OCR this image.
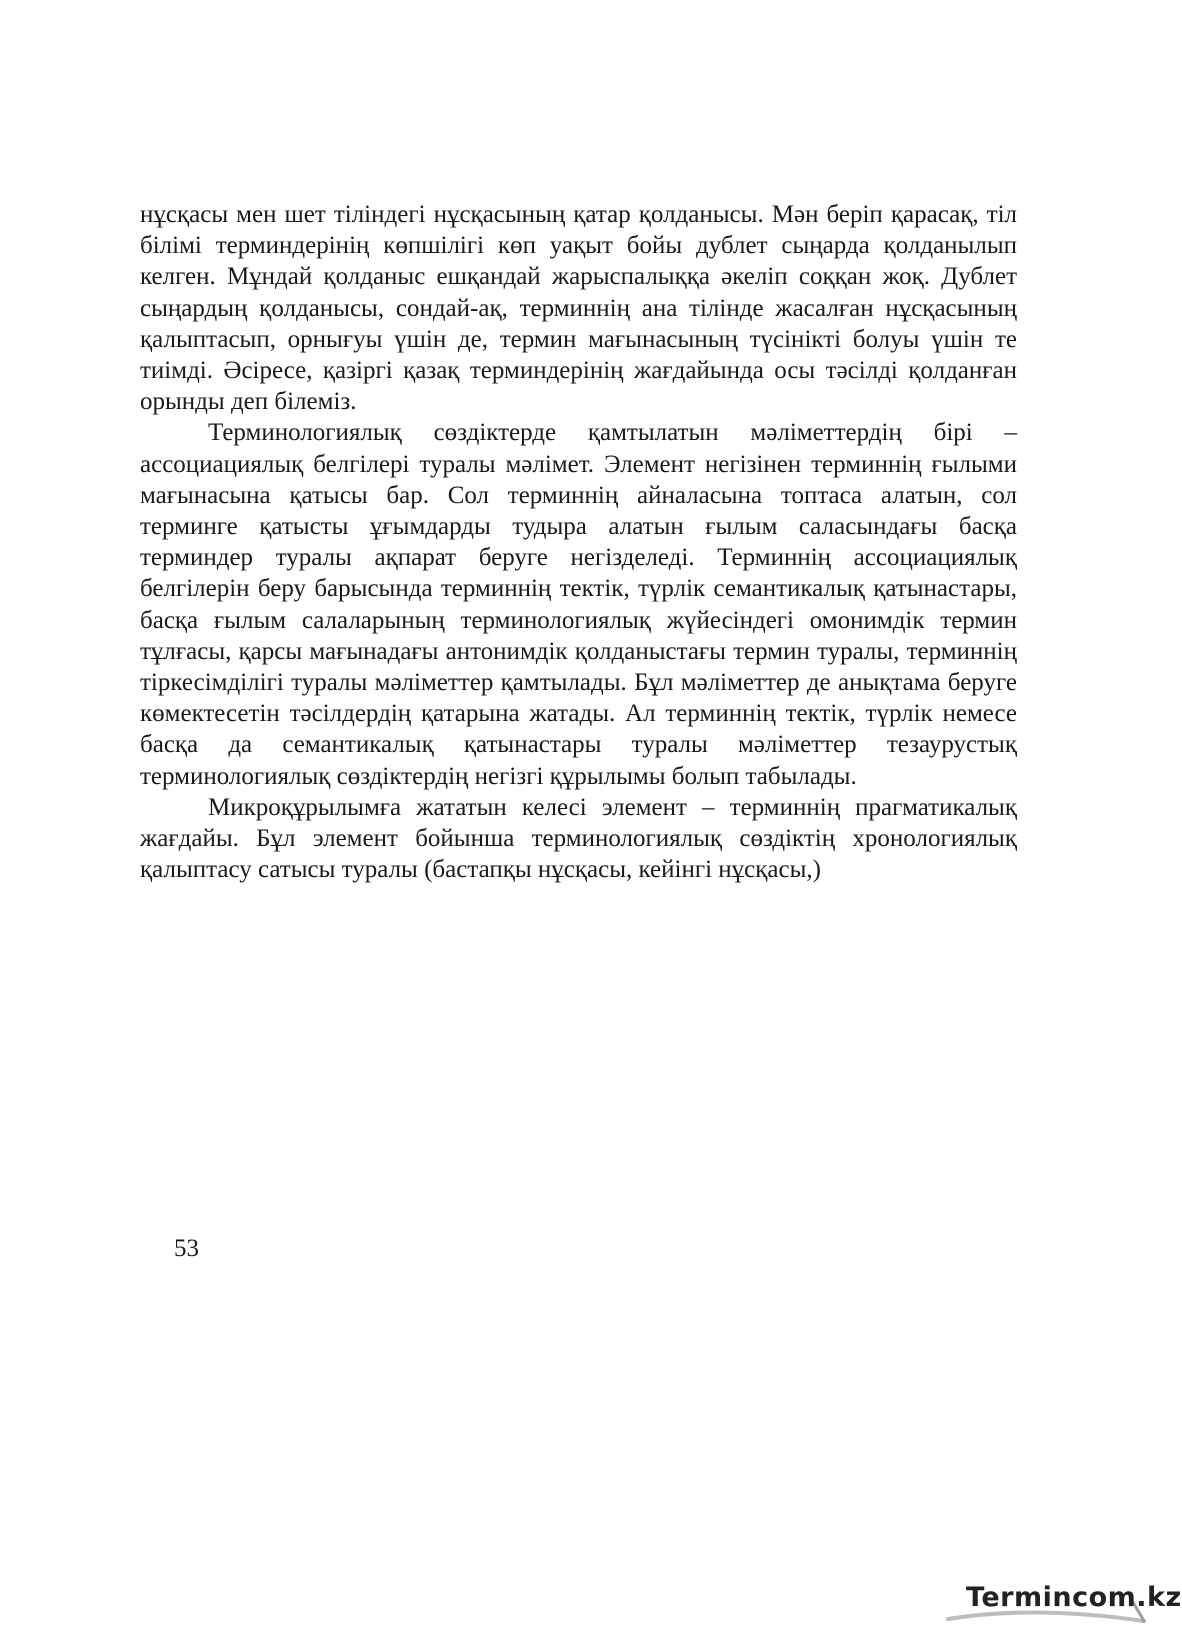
нұсқасы мен шет тіліндегі нұсқасының қатар қолданысы. Мән беріп қарасақ, тіл білімі терминдерінің көпшілігі көп уақыт бойы дублет сыңарда қолданылып келген. Мұндай қолданыс ешқандай жарыспалыққа әкеліп соққан жоқ. Дублет сыңардың қолданысы, сондай-ақ, терминнің ана тілінде жасалған нұсқасының қалыптасып, орнығуы үшін де, термин мағынасының түсінікті болуы үшін те тиімді. Әсіресе, қазіргі қазақ терминдерінің жағдайында осы тәсілді қолданған орынды деп білеміз.

Терминологиялық сөздіктерде қамтылатын мәліметтердің бірі – ассоциациялық белгілері туралы мәлімет. Элемент негізінен терминнің ғылыми мағынасына қатысы бар. Сол терминнің айналасына топтаса алатын, сол терминге қатысты ұғымдарды тудыра алатын ғылым саласындағы басқа терминдер туралы ақпарат беруге негізделеді. Терминнің ассоциациялық белгілерін беру барысында терминнің тектік, түрлік семантикалық қатынастары, басқа ғылым салаларының терминологиялық жүйесіндегі омонимдік термин тұлғасы, қарсы мағынадағы антонимдік қолданыстағы термин туралы, терминнің тіркесімділігі туралы мәліметтер қамтылады. Бұл мәліметтер де анықтама беруге көмектесетін тәсілдердің қатарына жатады. Ал терминнің тектік, түрлік немесе басқа да семантикалық қатынастары туралы мәліметтер тезаурустық терминологиялық сөздіктердің негізгі құрылымы болып табылады.

Микроқұрылымға жататын келесі элемент – терминнің прагматикалық жағдайы. Бұл элемент бойынша терминологиялық сөздіктің хронологиялық қалыптасу сатысы туралы (бастапқы нұсқасы, кейінгі нұсқасы,)

53
Termincom.kz
